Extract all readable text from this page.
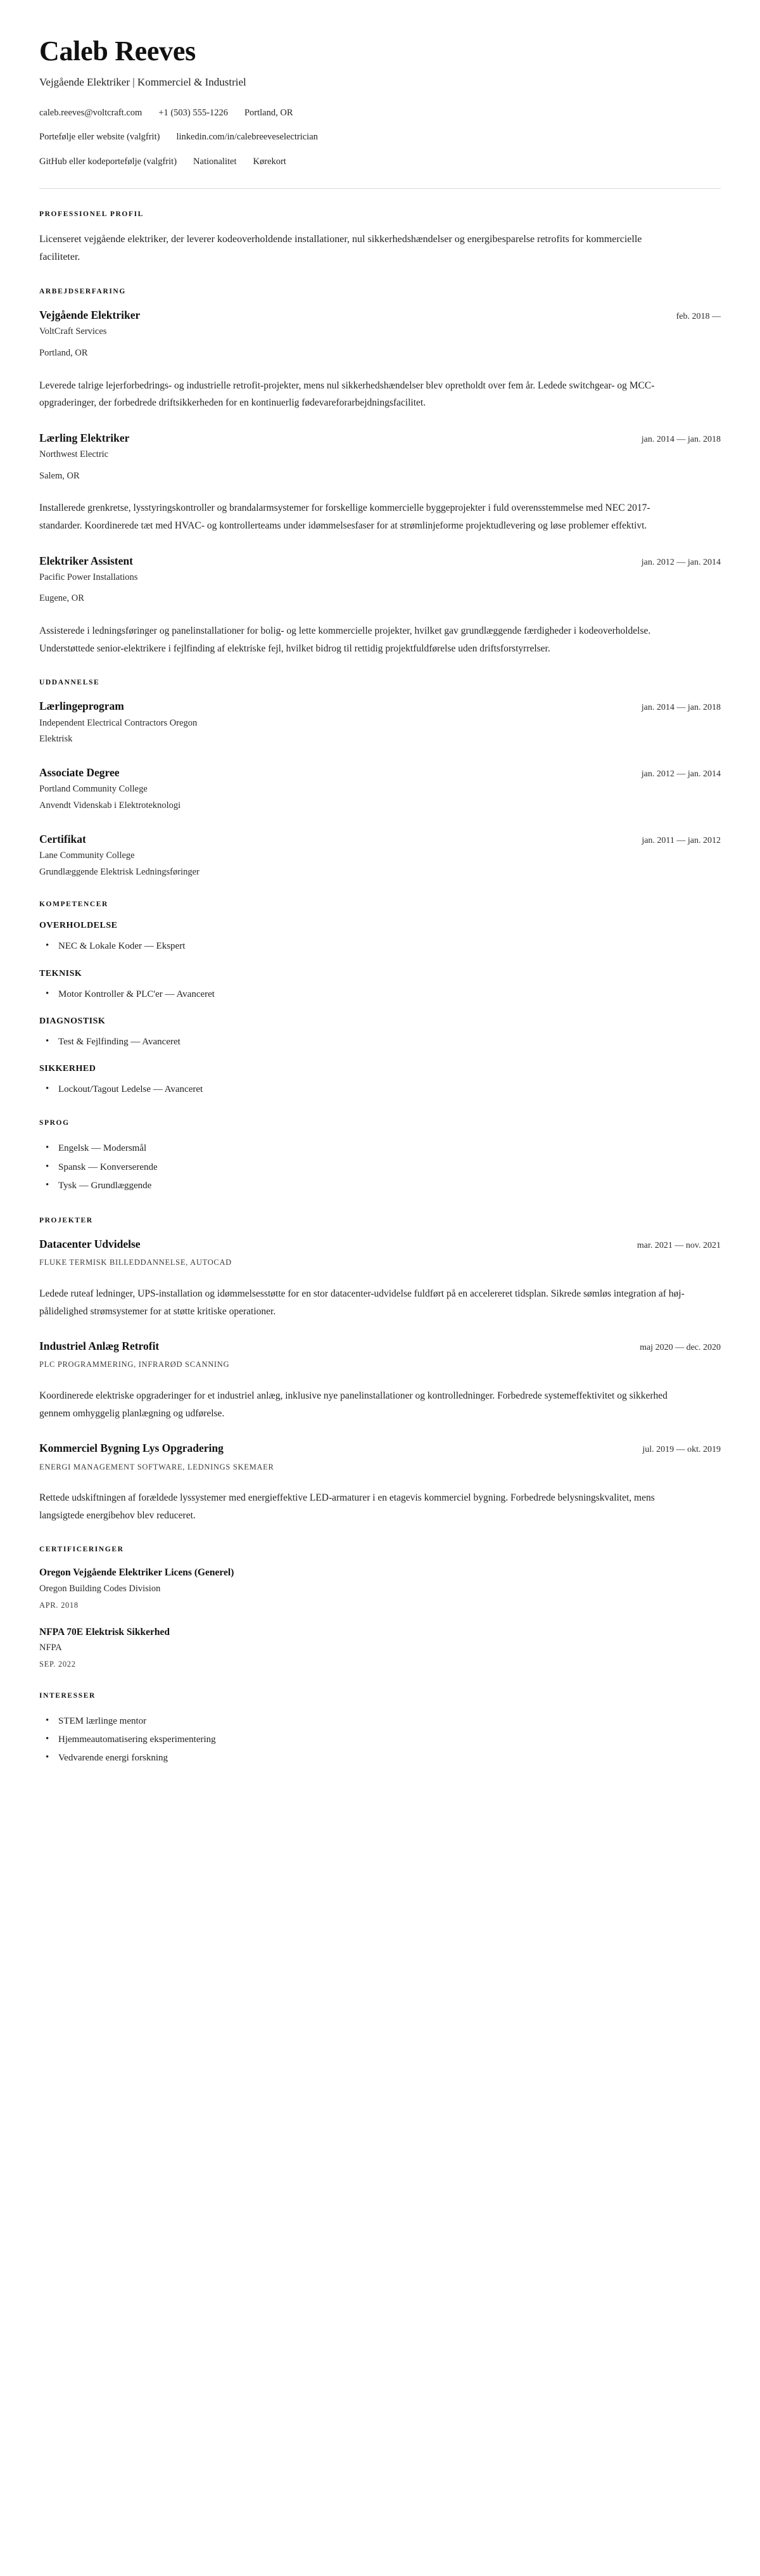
Caleb Reeves

Vejgående Elektriker | Kommerciel & Industriel

caleb.reeves@voltcraft.com +1 (503) 555-1226 Portland, OR
Portefølje eller website (valgfrit) linkedin.com/in/calebreeveselectrician
GitHub eller kodeportefølje (valgfrit) Nationalitet Kørekort
PROFESSIONEL PROFIL

Licenseret vejgående elektriker, der leverer kodeoverholdende installationer, nul sikkerhedshændelser og energibesparelse retrofits for kommercielle faciliteter.

ARBEJDSERFARING
Vejgående Elektriker	feb. 2018 —

VoltCraft Services

Portland, OR

Leverede talrige lejerforbedrings- og industrielle retrofit-projekter, mens nul sikkerhedshændelser blev opretholdt over fem år. Ledede switchgear- og MCC-opgraderinger, der forbedrede driftsikkerheden for en kontinuerlig fødevareforarbejdningsfacilitet.

Lærling Elektriker	jan. 2014 — jan. 2018

Northwest Electric

Salem, OR

Installerede grenkretse, lysstyringskontroller og brandalarmsystemer for forskellige kommercielle byggeprojekter i fuld overensstemmelse med NEC 2017-standarder. Koordinerede tæt med HVAC- og kontrollerteams under idømmelsesfaser for at strømlinjeforme projektudlevering og løse problemer effektivt.

Elektriker Assistent	jan. 2012 — jan. 2014

Pacific Power Installations

Eugene, OR

Assisterede i ledningsføringer og panelinstallationer for bolig- og lette kommercielle projekter, hvilket gav grundlæggende færdigheder i kodeoverholdelse. Understøttede senior-elektrikere i fejlfinding af elektriske fejl, hvilket bidrog til rettidig projektfuldførelse uden driftsforstyrrelser.

UDDANNELSE
Lærlingeprogram	jan. 2014 — jan. 2018

Independent Electrical Contractors Oregon

Elektrisk

Associate Degree	jan. 2012 — jan. 2014

Portland Community College

Anvendt Videnskab i Elektroteknologi

Certifikat	jan. 2011 — jan. 2012

Lane Community College

Grundlæggende Elektrisk Ledningsføringer

KOMPETENCER
OVERHOLDELSE
• NEC & Lokale Koder — Ekspert
TEKNISK
• Motor Kontroller & PLC'er — Avanceret
DIAGNOSTISK
• Test & Fejlfinding — Avanceret
SIKKERHED
• Lockout/Tagout Ledelse — Avanceret
SPROG
• Engelsk — Modersmål
• Spansk — Konverserende
• Tysk — Grundlæggende
PROJEKTER
Datacenter Udvidelse	mar. 2021 — nov. 2021

FLUKE TERMISK BILLEDDANNELSE, AUTOCAD

Ledede ruteaf ledninger, UPS-installation og idømmelsesstøtte for en stor datacenter-udvidelse fuldført på en accelereret tidsplan. Sikrede sømløs integration af høj-pålidelighed strømsystemer for at støtte kritiske operationer.

Industriel Anlæg Retrofit	maj 2020 — dec. 2020

PLC PROGRAMMERING, INFRARØD SCANNING

Koordinerede elektriske opgraderinger for et industriel anlæg, inklusive nye panelinstallationer og kontrolledninger. Forbedrede systemeffektivitet og sikkerhed gennem omhyggelig planlægning og udførelse.

Kommerciel Bygning Lys Opgradering	jul. 2019 — okt. 2019

ENERGI MANAGEMENT SOFTWARE, LEDNINGS SKEMAER

Rettede udskiftningen af forældede lyssystemer med energieffektive LED-armaturer i en etagevis kommerciel bygning. Forbedrede belysningskvalitet, mens langsigtede energibehov blev reduceret.

CERTIFICERINGER
Oregon Vejgående Elektriker Licens (Generel)

Oregon Building Codes Division

APR. 2018

NFPA 70E Elektrisk Sikkerhed

NFPA

SEP. 2022

INTERESSER
• STEM lærlinge mentor
• Hjemmeautomatisering eksperimentering
• Vedvarende energi forskning
